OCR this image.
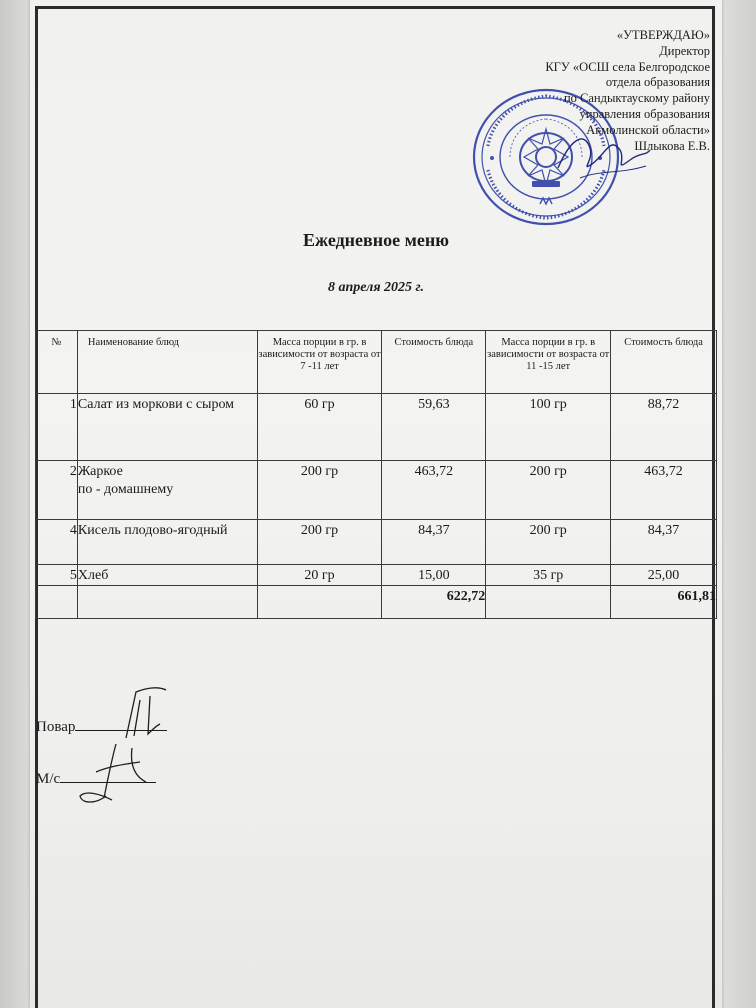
«УТВЕРЖДАЮ»
Директор
КГУ «ОСШ села Белгородское
отдела образования
по Сандыктаускому району
управления образования
Акмолинской области»
Шлыкова Е.В.
Ежедневное меню
8 апреля 2025 г.
№	Наименование блюд	Масса порции в гр. в зависимости от возраста от 7 -11 лет	Стоимость блюда	Масса порции в гр. в зависимости от возраста от 11 -15 лет	Стоимость блюда
1	Салат из моркови с сыром	60 гр	59,63	100 гр	88,72
2	Жаркое
по - домашнему	200 гр	463,72	200 гр	463,72
4	Кисель плодово-ягодный	200 гр	84,37	200 гр	84,37
5	Хлеб	20 гр	15,00	35 гр	25,00
			622,72		661,81
Повар
М/с
